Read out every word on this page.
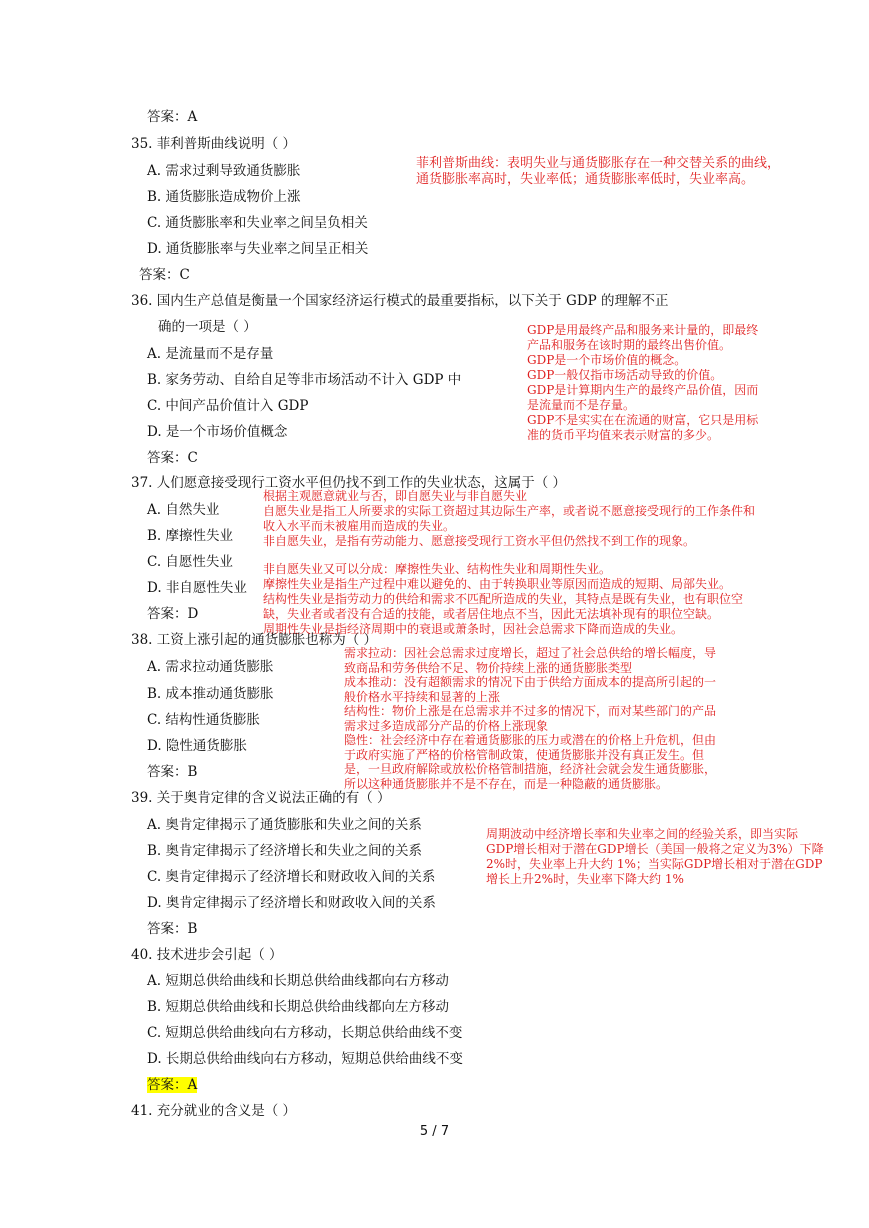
答案：A
35. 菲利普斯曲线说明（ ）
A. 需求过剩导致通货膨胀
B. 通货膨胀造成物价上涨
C. 通货膨胀率和失业率之间呈负相关
D. 通货膨胀率与失业率之间呈正相关
答案：C
菲利普斯曲线：表明失业与通货膨胀存在一种交替关系的曲线，
通货膨胀率高时，失业率低；通货膨胀率低时，失业率高。
36. 国内生产总值是衡量一个国家经济运行模式的最重要指标，以下关于 GDP 的理解不正
确的一项是（ ）
A. 是流量而不是存量
B. 家务劳动、自给自足等非市场活动不计入 GDP 中
C. 中间产品价值计入 GDP
D. 是一个市场价值概念
答案：C
GDP是用最终产品和服务来计量的，即最终
产品和服务在该时期的最终出售价值。
GDP是一个市场价值的概念。
GDP一般仅指市场活动导致的价值。
GDP是计算期内生产的最终产品价值，因而
是流量而不是存量。
GDP不是实实在在流通的财富，它只是用标
准的货币平均值来表示财富的多少。
37. 人们愿意接受现行工资水平但仍找不到工作的失业状态，这属于（ ）
A. 自然失业
B. 摩擦性失业
C. 自愿性失业
D. 非自愿性失业
答案：D
根据主观愿意就业与否，即自愿失业与非自愿失业
自愿失业是指工人所要求的实际工资超过其边际生产率，或者说不愿意接受现行的工作条件和
收入水平而未被雇用而造成的失业。
非自愿失业，是指有劳动能力、愿意接受现行工资水平但仍然找不到工作的现象。
非自愿失业又可以分成：摩擦性失业、结构性失业和周期性失业。
摩擦性失业是指生产过程中难以避免的、由于转换职业等原因而造成的短期、局部失业。
结构性失业是指劳动力的供给和需求不匹配所造成的失业，其特点是既有失业，也有职位空
缺，失业者或者没有合适的技能，或者居住地点不当，因此无法填补现有的职位空缺。
周期性失业是指经济周期中的衰退或萧条时，因社会总需求下降而造成的失业。
38. 工资上涨引起的通货膨胀也称为（ ）
A. 需求拉动通货膨胀
B. 成本推动通货膨胀
C. 结构性通货膨胀
D. 隐性通货膨胀
答案：B
需求拉动：因社会总需求过度增长，超过了社会总供给的增长幅度，导
致商品和劳务供给不足、物价持续上涨的通货膨胀类型
成本推动：没有超额需求的情况下由于供给方面成本的提高所引起的一
般价格水平持续和显著的上涨
结构性：物价上涨是在总需求并不过多的情况下，而对某些部门的产品
需求过多造成部分产品的价格上涨现象
隐性：社会经济中存在着通货膨胀的压力或潜在的价格上升危机，但由
于政府实施了严格的价格管制政策，使通货膨胀并没有真正发生。但
是，一旦政府解除或放松价格管制措施，经济社会就会发生通货膨胀，
所以这种通货膨胀并不是不存在，而是一种隐蔽的通货膨胀。
39. 关于奥肯定律的含义说法正确的有（ ）
A. 奥肯定律揭示了通货膨胀和失业之间的关系
B. 奥肯定律揭示了经济增长和失业之间的关系
C. 奥肯定律揭示了经济增长和财政收入间的关系
D. 奥肯定律揭示了经济增长和财政收入间的关系
答案：B
周期波动中经济增长率和失业率之间的经验关系，即当实际
GDP增长相对于潜在GDP增长（美国一般将之定义为3%）下降
2%时，失业率上升大约 1%；当实际GDP增长相对于潜在GDP
增长上升2%时，失业率下降大约 1%
40. 技术进步会引起（ ）
A. 短期总供给曲线和长期总供给曲线都向右方移动
B. 短期总供给曲线和长期总供给曲线都向左方移动
C. 短期总供给曲线向右方移动，长期总供给曲线不变
D. 长期总供给曲线向右方移动，短期总供给曲线不变
答案：A
41. 充分就业的含义是（ ）
5 / 7
